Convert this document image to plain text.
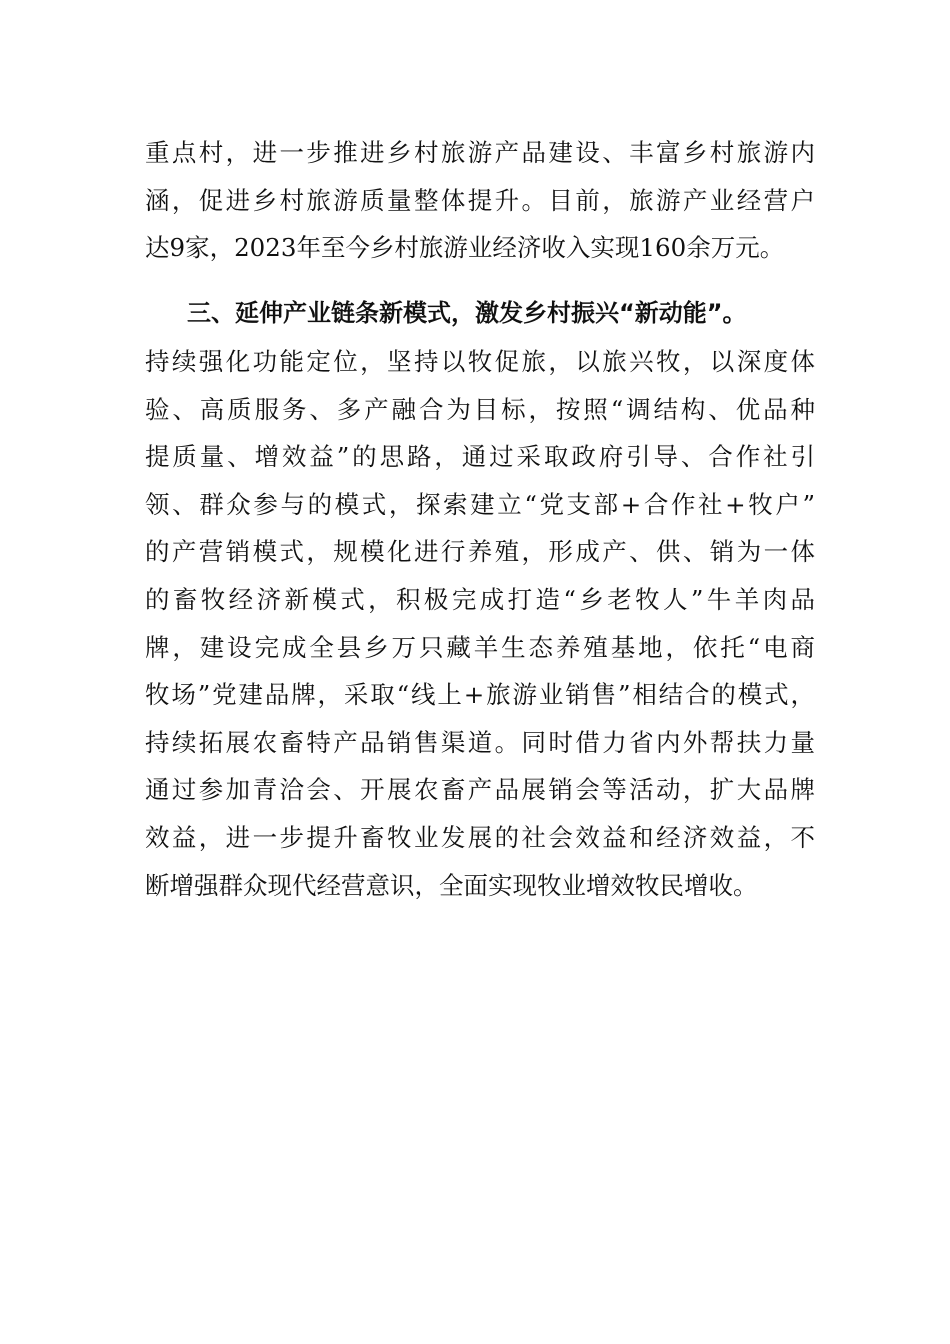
重点村，进一步推进乡村旅游产品建设、丰富乡村旅游内
涵，促进乡村旅游质量整体提升。目前，旅游产业经营户
达9家，2023年至今乡村旅游业经济收入实现160余万元。
三、延伸产业链条新模式，激发乡村振兴“新动能”。
持续强化功能定位，坚持以牧促旅，以旅兴牧，以深度体
验、高质服务、多产融合为目标，按照“调结构、优品种
提质量、增效益”的思路，通过采取政府引导、合作社引
领、群众参与的模式，探索建立“党支部+合作社+牧户”
的产营销模式，规模化进行养殖，形成产、供、销为一体
的畜牧经济新模式，积极完成打造“乡老牧人”牛羊肉品
牌，建设完成全县乡万只藏羊生态养殖基地，依托“电商
牧场”党建品牌，采取“线上+旅游业销售”相结合的模式，
持续拓展农畜特产品销售渠道。同时借力省内外帮扶力量
通过参加青洽会、开展农畜产品展销会等活动，扩大品牌
效益，进一步提升畜牧业发展的社会效益和经济效益，不
断增强群众现代经营意识，全面实现牧业增效牧民增收。
